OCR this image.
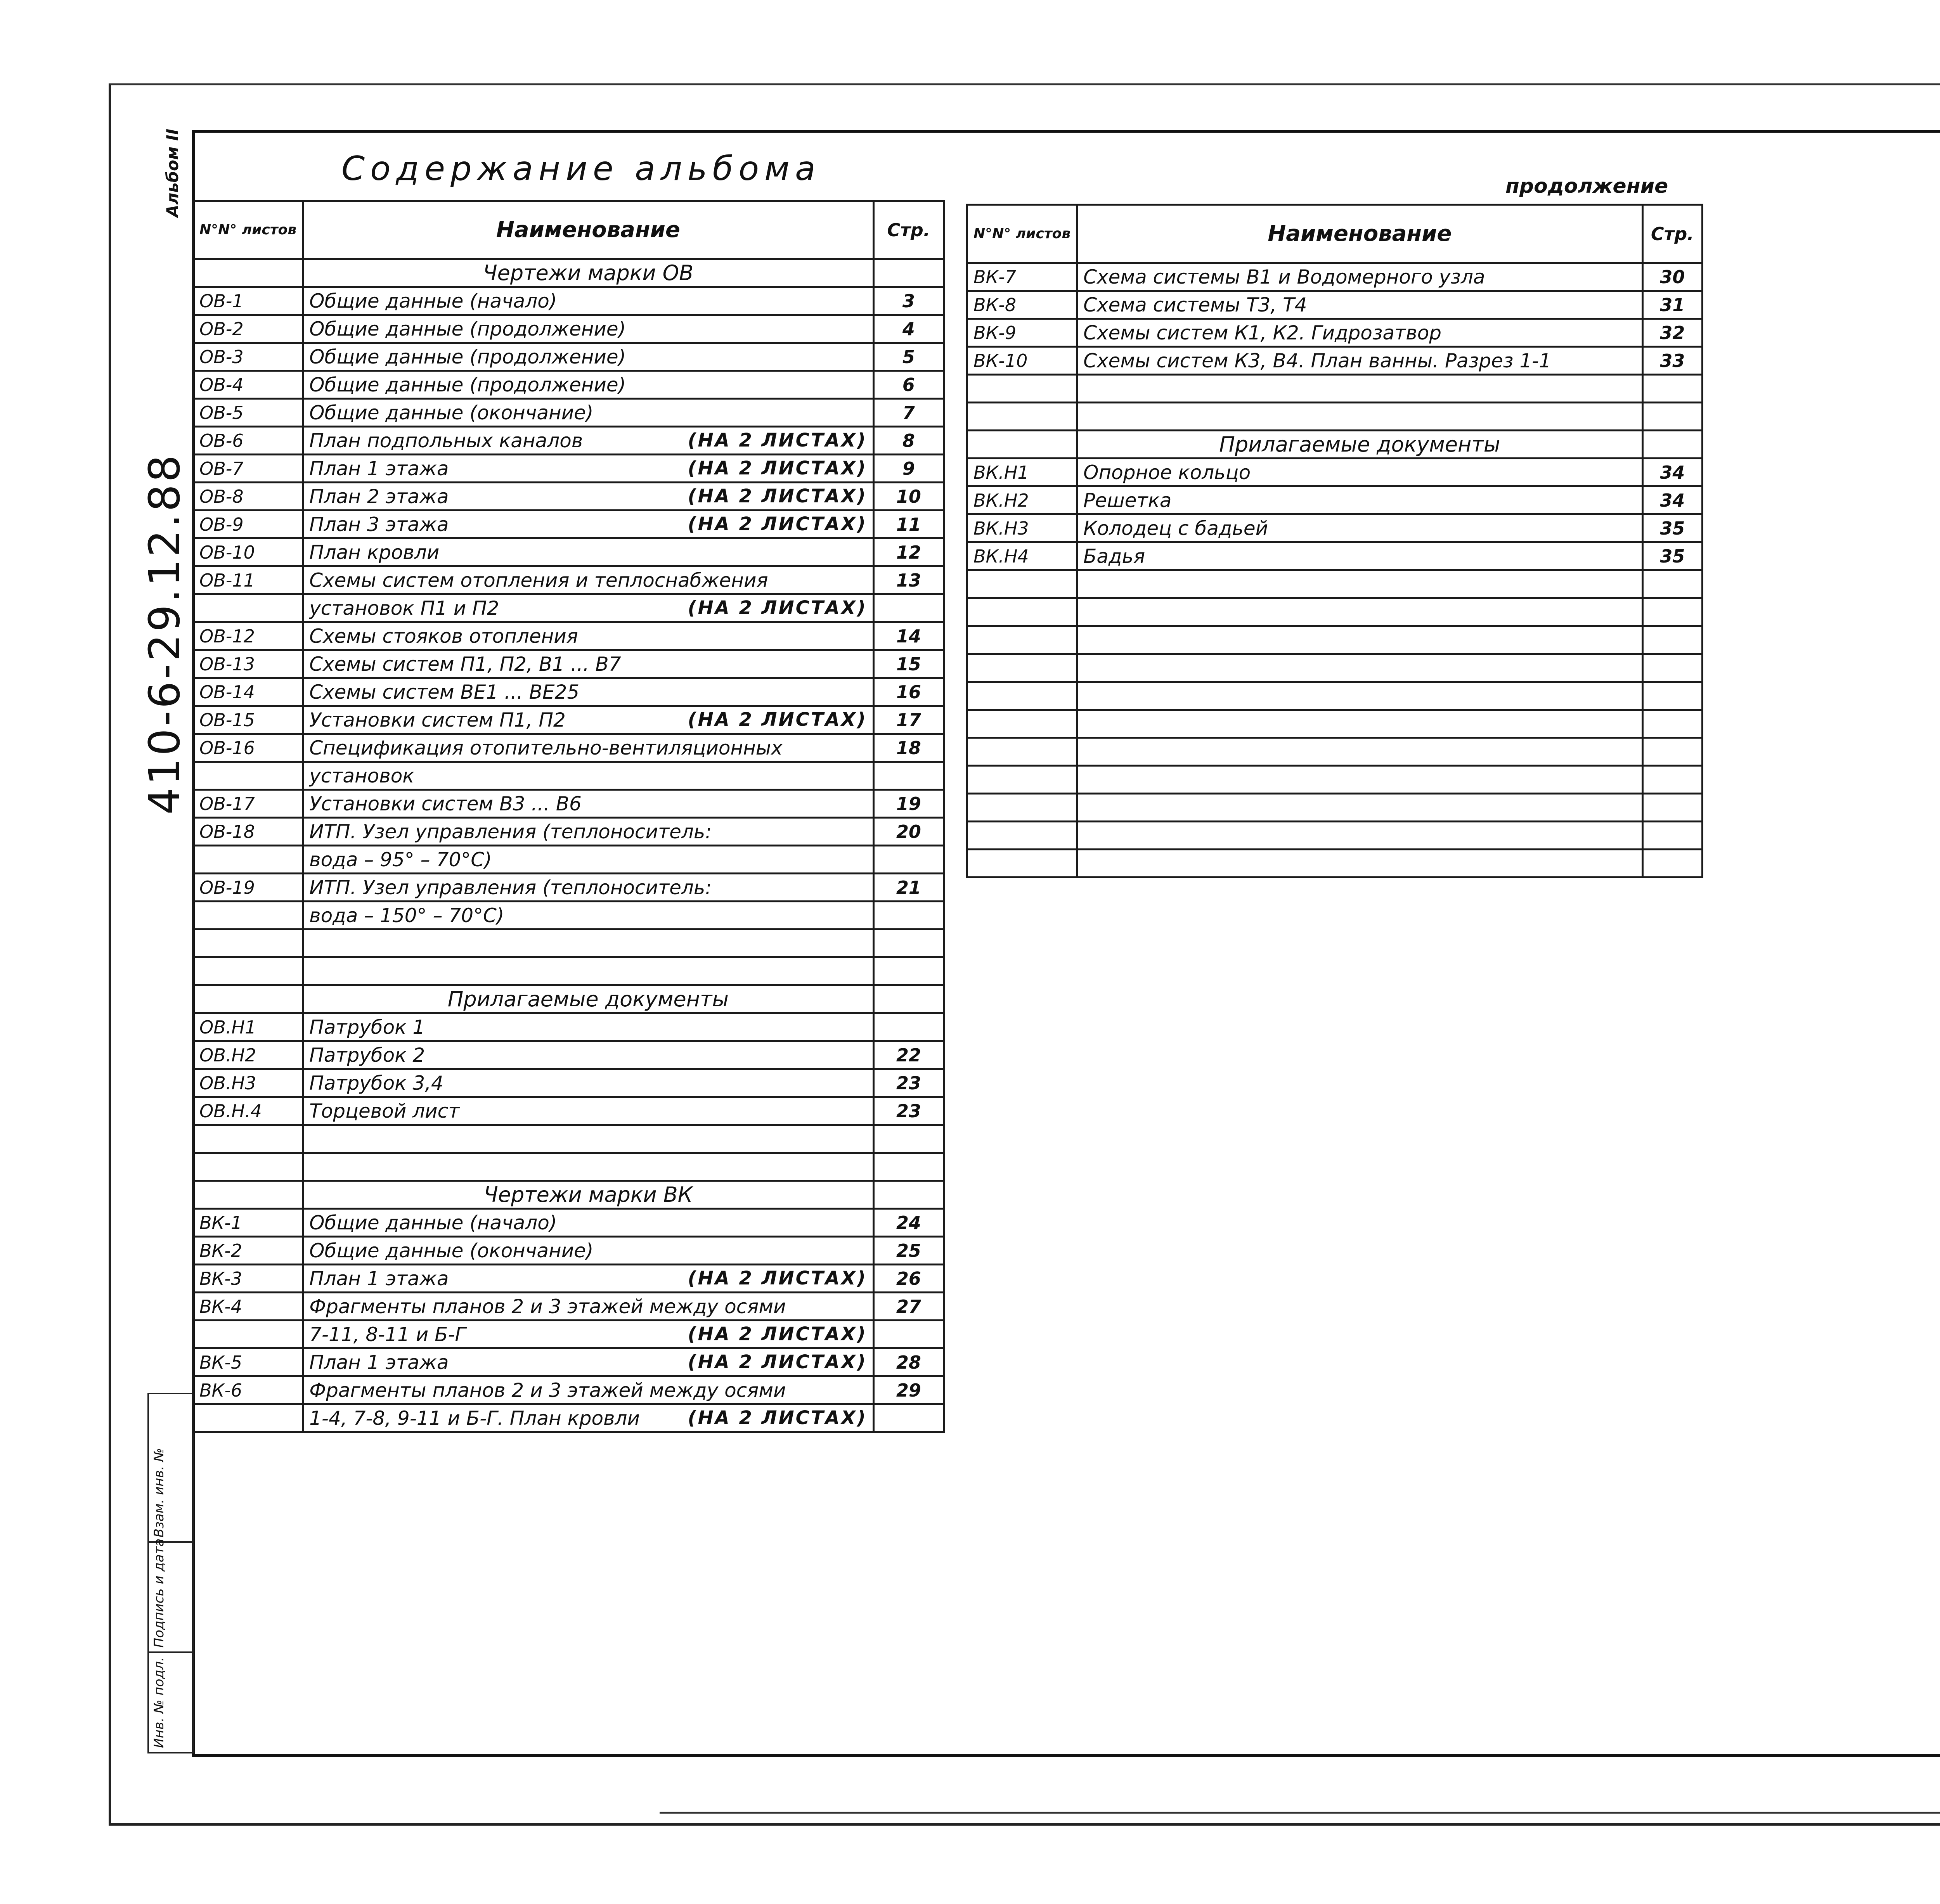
Содержание альбома	продолжение
Альбом II
410-6-29.12.88
Инв. № подл.
Подпись и дата
Взам. инв. №
N°N° листов	Наименование	Стр.
	Чертежи марки ОВ	
ОВ-1	Общие данные (начало)	3
ОВ-2	Общие данные (продолжение)	4
ОВ-3	Общие данные (продолжение)	5
ОВ-4	Общие данные (продолжение)	6
ОВ-5	Общие данные (окончание)	7
ОВ-6	План подпольных каналов (НА 2 ЛИСТАХ)	8
ОВ-7	План 1 этажа (НА 2 ЛИСТАХ)	9
ОВ-8	План 2 этажа (НА 2 ЛИСТАХ)	10
ОВ-9	План 3 этажа (НА 2 ЛИСТАХ)	11
ОВ-10	План кровли	12
ОВ-11	Схемы систем отопления и теплоснабжения	13
	установок П1 и П2 (НА 2 ЛИСТАХ)	

ОВ-12	Схемы стояков отопления	14
ОВ-13	Схемы систем П1, П2, В1 ... В7	15
ОВ-14	Схемы систем ВЕ1 ... ВЕ25	16
ОВ-15	Установки систем П1, П2 (НА 2 ЛИСТАХ)	17
ОВ-16	Спецификация отопительно-вентиляционных	18
	установок	
ОВ-17	Установки систем В3 ... В6	19
ОВ-18	ИТП. Узел управления (теплоноситель:	20
	вода – 95° – 70°С)	
ОВ-19	ИТП. Узел управления (теплоноситель:	21
	вода – 150° – 70°С)	

	Прилагаемые документы	
ОВ.Н1	Патрубок 1	
ОВ.Н2	Патрубок 2	22
ОВ.Н3	Патрубок 3,4	23
ОВ.Н.4	Торцевой лист	23

	Чертежи марки ВК	
ВК-1	Общие данные (начало)	24
ВК-2	Общие данные (окончание)	25
ВК-3	План 1 этажа (НА 2 ЛИСТАХ)	26
ВК-4	Фрагменты планов 2 и 3 этажей между осями	27
	7-11, 8-11 и Б-Г (НА 2 ЛИСТАХ)	

ВК-5	План 1 этажа (НА 2 ЛИСТАХ)	28
ВК-6	Фрагменты планов 2 и 3 этажей между осями	29
	1-4, 7-8, 9-11 и Б-Г. План кровли (НА 2 ЛИСТАХ)	

N°N° листов	Наименование	Стр.
ВК-7	Схема системы В1 и Водомерного узла	30
ВК-8	Схема системы Т3, Т4	31
ВК-9	Схемы систем К1, К2. Гидрозатвор	32
ВК-10	Схемы систем К3, В4. План ванны. Разрез 1-1	33

	Прилагаемые документы	
ВК.Н1	Опорное кольцо	34
ВК.Н2	Решетка	34
ВК.Н3	Колодец с бадьей	35
ВК.Н4	Бадья	35
